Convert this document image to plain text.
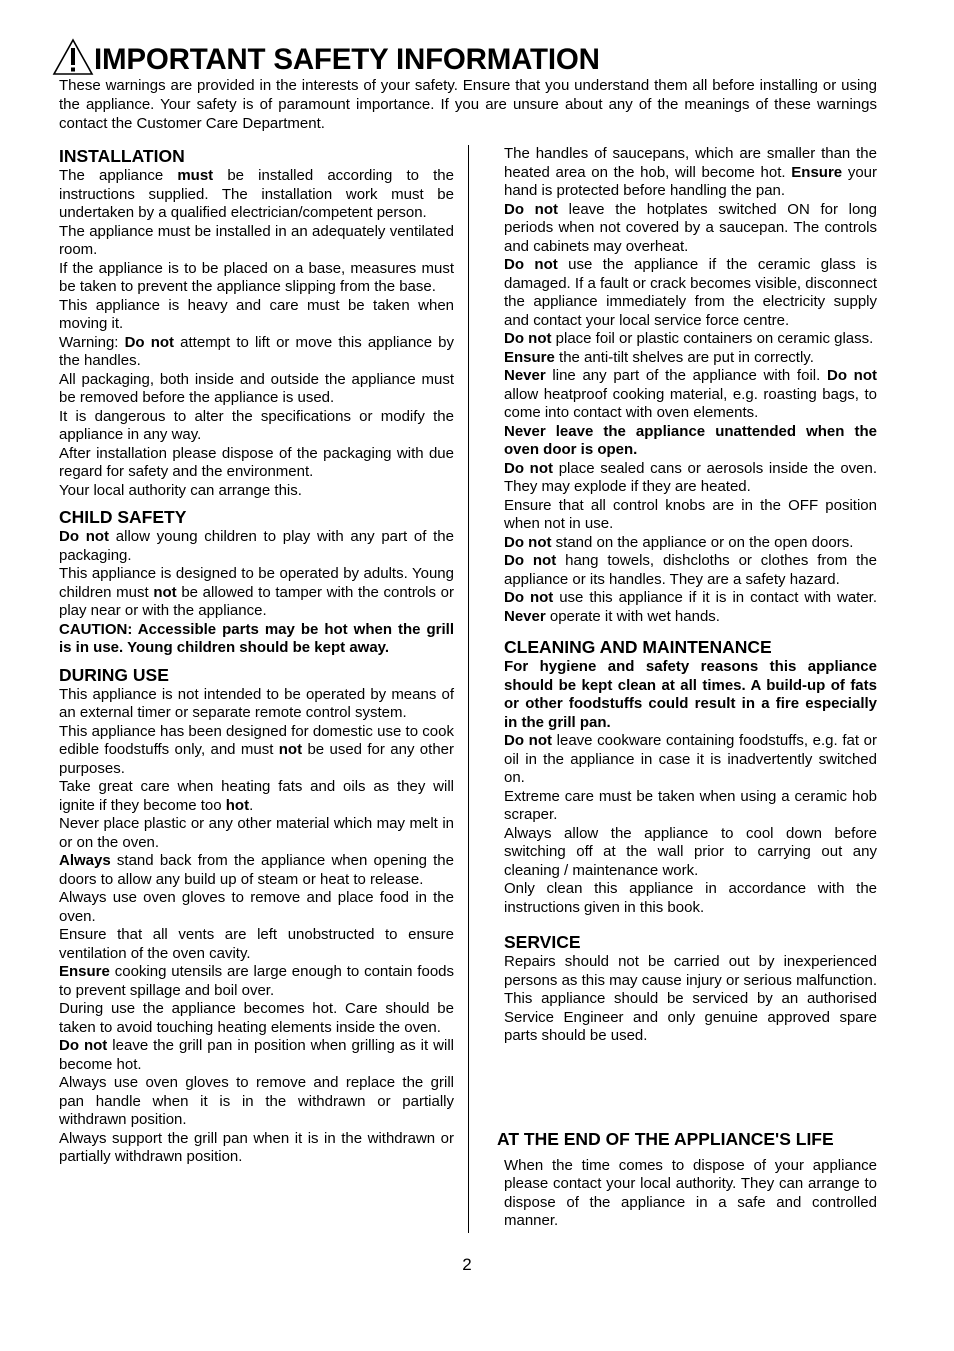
IMPORTANT SAFETY INFORMATION

These warnings are provided in the interests of your safety. Ensure that you understand them all before installing or using the appliance. Your safety is of paramount importance. If you are unsure about any of the meanings of these warnings contact the Customer Care Department.

INSTALLATION

The appliance must be installed according to the instructions supplied. The installation work must be undertaken by a qualified electrician/competent person.

The appliance must be installed in an adequately ventilated room.

If the appliance is to be placed on a base, measures must be taken to prevent the appliance slipping from the base.

This appliance is heavy and care must be taken when moving it.

Warning: Do not attempt to lift or move this appliance by the handles.

All packaging, both inside and outside the appliance must be removed before the appliance is used.

It is dangerous to alter the specifications or modify the appliance in any way.

After installation please dispose of the packaging with due regard for safety and the environment.

Your local authority can arrange this.

CHILD SAFETY

Do not allow young children to play with any part of the packaging.

This appliance is designed to be operated by adults. Young children must not be allowed to tamper with the controls or play near or with the appliance.

CAUTION: Accessible parts may be hot when the grill is in use. Young children should be kept away.

DURING USE

This appliance is not intended to be operated by means of an external timer or separate remote control system.

This appliance has been designed for domestic use to cook edible foodstuffs only, and must not be used for any other purposes.

Take great care when heating fats and oils as they will ignite if they become too hot.

Never place plastic or any other material which may melt in or on the oven.

Always stand back from the appliance when opening the doors to allow any build up of steam or heat to release.

Always use oven gloves to remove and place food in the oven.

Ensure that all vents are left unobstructed to ensure ventilation of the oven cavity.

Ensure cooking utensils are large enough to contain foods to prevent spillage and boil over.

During use the appliance becomes hot. Care should be taken to avoid touching heating elements inside the oven.

Do not leave the grill pan in position when grilling as it will become hot.

Always use oven gloves to remove and replace the grill pan handle when it is in the withdrawn or partially withdrawn position.

Always support the grill pan when it is in the withdrawn or partially withdrawn position.

The handles of saucepans, which are smaller than the heated area on the hob, will become hot. Ensure your hand is protected before handling the pan.

Do not leave the hotplates switched ON for long periods when not covered by a saucepan. The controls and cabinets may overheat.

Do not use the appliance if the ceramic glass is damaged. If a fault or crack becomes visible, disconnect the appliance immediately from the electricity supply and contact your local service force centre.

Do not place foil or plastic containers on ceramic glass.

Ensure the anti-tilt shelves are put in correctly.

Never line any part of the appliance with foil. Do not allow heatproof cooking material, e.g. roasting bags, to come into contact with oven elements.

Never leave the appliance unattended when the oven door is open.

Do not place sealed cans or aerosols inside the oven. They may explode if they are heated.

Ensure that all control knobs are in the OFF position when not in use.

Do not stand on the appliance or on the open doors.

Do not hang towels, dishcloths or clothes from the appliance or its handles. They are a safety hazard.

Do not use this appliance if it is in contact with water. Never operate it with wet hands.

CLEANING AND MAINTENANCE

For hygiene and safety reasons this appliance should be kept clean at all times. A build-up of fats or other foodstuffs could result in a fire especially in the grill pan.

Do not leave cookware containing foodstuffs, e.g. fat or oil in the appliance in case it is inadvertently switched on.

Extreme care must be taken when using a ceramic hob scraper.

Always allow the appliance to cool down before switching off at the wall prior to carrying out any cleaning / maintenance work.

Only clean this appliance in accordance with the instructions given in this book.

SERVICE

Repairs should not be carried out by inexperienced persons as this may cause injury or serious malfunction. This appliance should be serviced by an authorised Service Engineer and only genuine approved spare parts should be used.

AT THE END OF THE APPLIANCE'S LIFE

When the time comes to dispose of your appliance please contact your local authority. They can arrange to dispose of the appliance in a safe and controlled manner.

2
